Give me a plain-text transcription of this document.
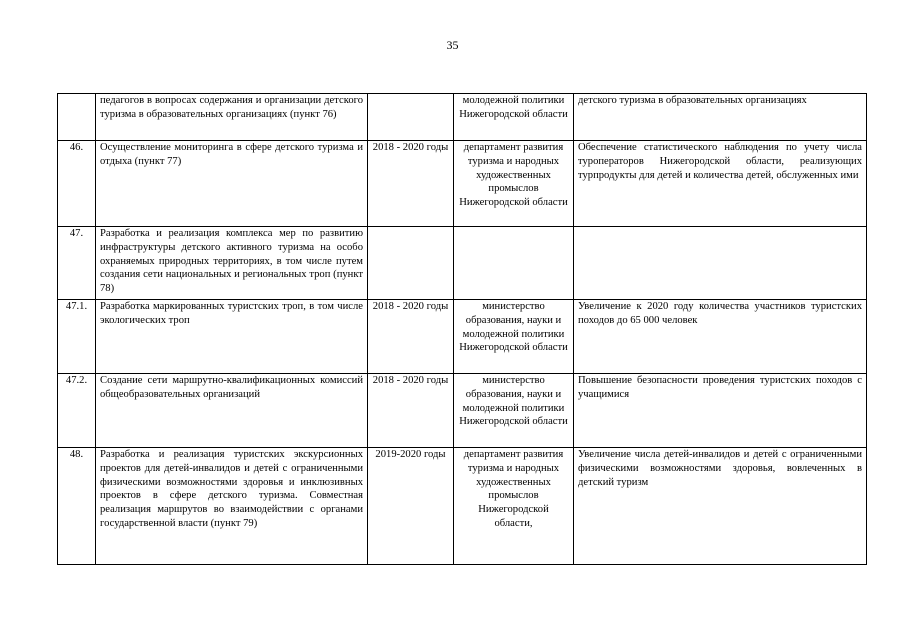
35
	педагогов в вопросах содержания и организации детского туризма в образовательных организациях (пункт 76)		молодежной политики Нижегородской области	детского туризма в образовательных организациях
46.	Осуществление мониторинга в сфере детского туризма и отдыха (пункт 77)	2018 - 2020 годы	департамент развития туризма и народных художественных промыслов Нижегородской области	Обеспечение статистического наблюдения по учету числа туроператоров Нижегородской области, реализующих турпродукты для детей и количества детей, обслуженных ими
47.	Разработка и реализация комплекса мер по развитию инфраструктуры детского активного туризма на особо охраняемых природных территориях, в том числе путем создания сети национальных и региональных троп (пункт 78)			
47.1.	Разработка маркированных туристских троп, в том числе экологических троп	2018 - 2020 годы	министерство образования, науки и молодежной политики Нижегородской области	Увеличение к 2020 году количества участников туристских походов до 65 000 человек
47.2.	Создание сети маршрутно-квалификационных комиссий общеобразовательных организаций	2018 - 2020 годы	министерство образования, науки и молодежной политики Нижегородской области	Повышение безопасности проведения туристских походов с учащимися
48.	Разработка и реализация туристских экскурсионных проектов для детей-инвалидов и детей с ограниченными физическими возможностями здоровья и инклюзивных проектов в сфере детского туризма. Совместная реализация маршрутов во взаимодействии с органами государственной власти (пункт 79)	2019-2020 годы	департамент развития туризма и народных художественных промыслов Нижегородской области,	Увеличение числа детей-инвалидов и детей с ограниченными физическими возможностями здоровья, вовлеченных в детский туризм
